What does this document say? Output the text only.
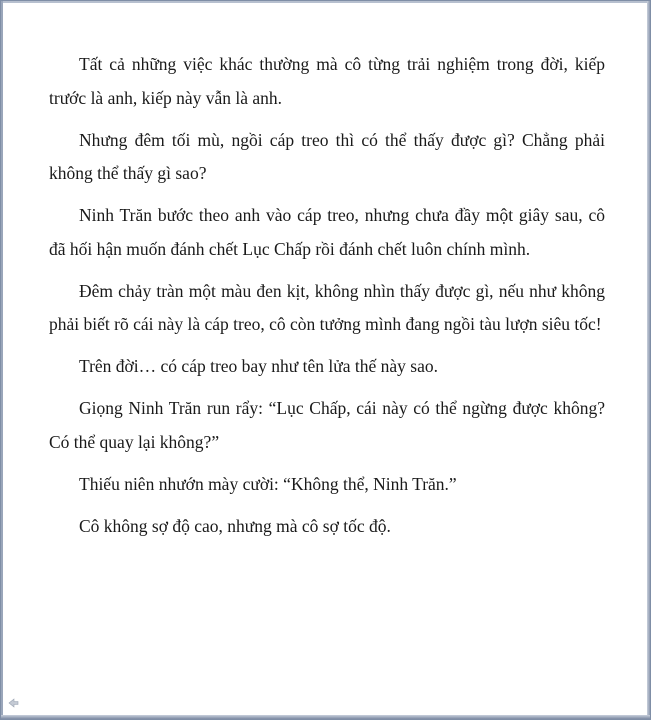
Tất cả những việc khác thường mà cô từng trải nghiệm trong đời, kiếp trước là anh, kiếp này vẫn là anh.

Nhưng đêm tối mù, ngồi cáp treo thì có thể thấy được gì? Chẳng phải không thể thấy gì sao?

Ninh Trăn bước theo anh vào cáp treo, nhưng chưa đầy một giây sau, cô đã hối hận muốn đánh chết Lục Chấp rồi đánh chết luôn chính mình.

Đêm chảy tràn một màu đen kịt, không nhìn thấy được gì, nếu như không phải biết rõ cái này là cáp treo, cô còn tưởng mình đang ngồi tàu lượn siêu tốc!

Trên đời… có cáp treo bay như tên lửa thế này sao.

Giọng Ninh Trăn run rẩy: “Lục Chấp, cái này có thể ngừng được không? Có thể quay lại không?”

Thiếu niên nhướn mày cười: “Không thể, Ninh Trăn.”

Cô không sợ độ cao, nhưng mà cô sợ tốc độ.
